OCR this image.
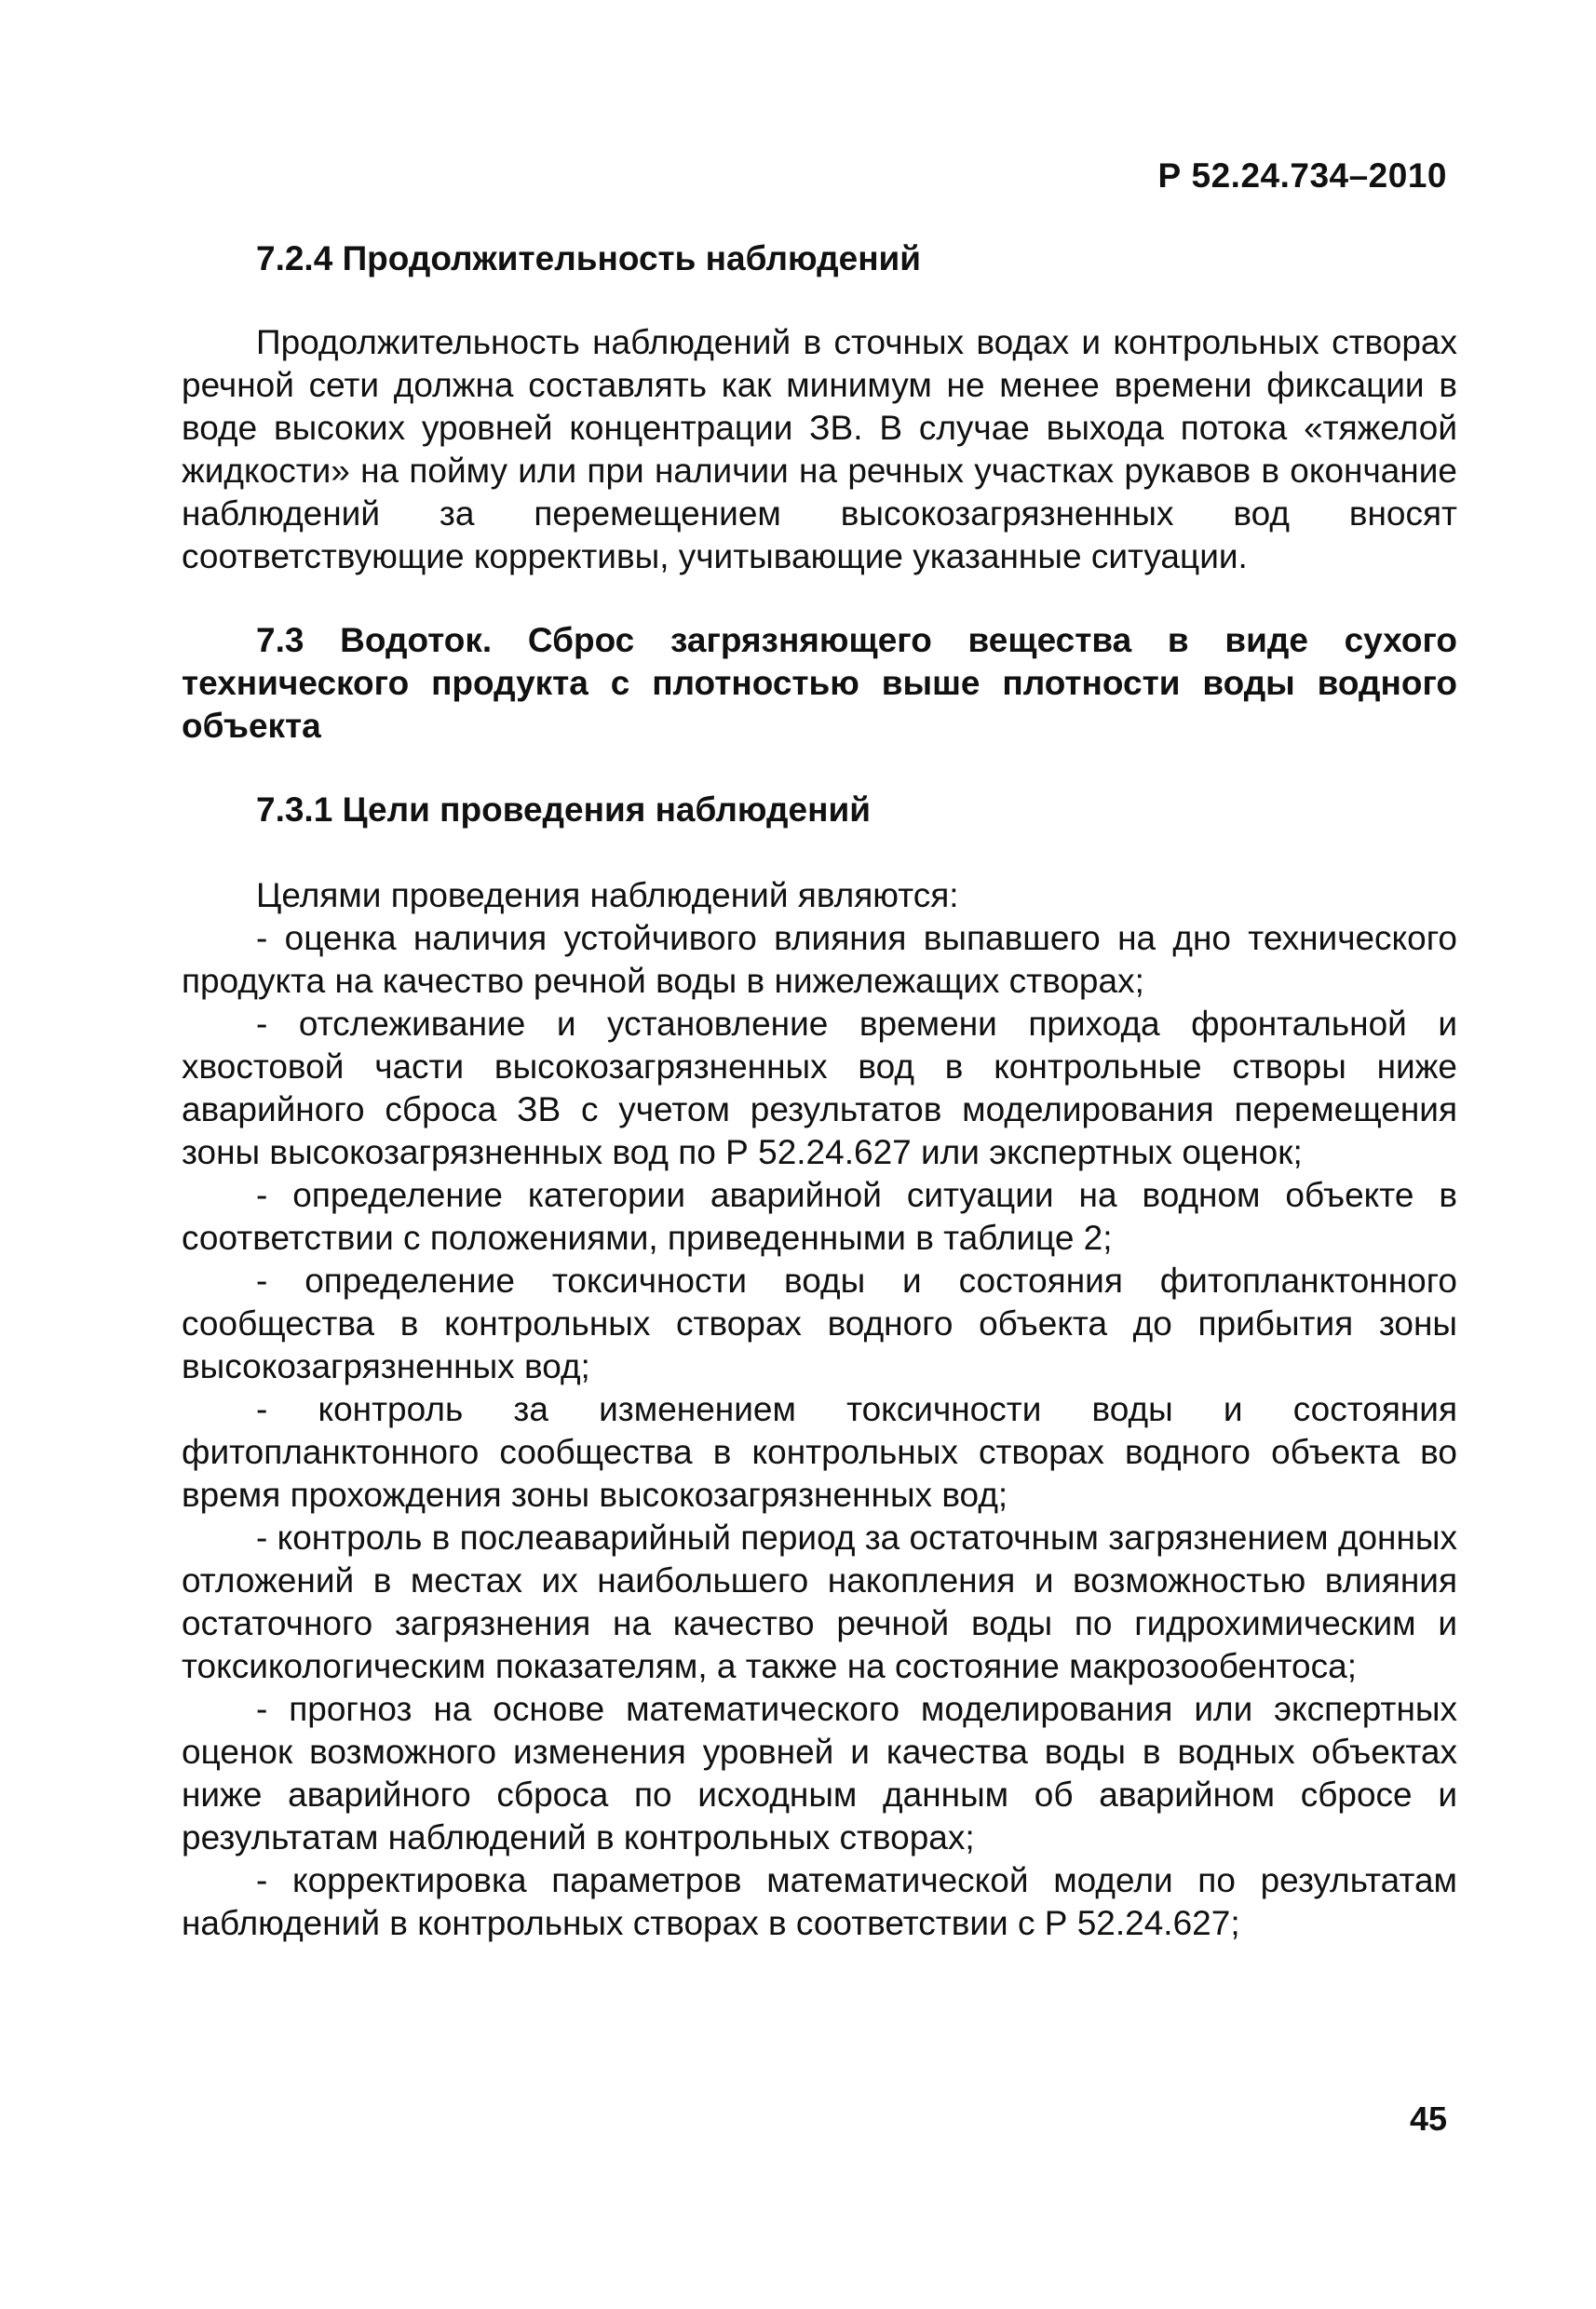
Р 52.24.734–2010
7.2.4 Продолжительность наблюдений

Продолжительность наблюдений в сточных водах и контрольных створах речной сети должна составлять как минимум не менее времени фиксации в воде высоких уровней концентрации ЗВ. В случае выхода потока «тяжелой жидкости» на пойму или при наличии на речных участках рукавов в окончание наблюдений за перемещением высокозагрязненных вод вносят соответствующие коррективы, учитывающие указанные ситуации.

7.3 Водоток. Сброс загрязняющего вещества в виде сухого технического продукта с плотностью выше плотности воды водного объекта
7.3.1 Цели проведения наблюдений

Целями проведения наблюдений являются:

- оценка наличия устойчивого влияния выпавшего на дно технического продукта на качество речной воды в нижележащих створах;

- отслеживание и установление времени прихода фронтальной и хвостовой части высокозагрязненных вод в контрольные створы ниже аварийного сброса ЗВ с учетом результатов моделирования перемещения зоны высокозагрязненных вод по Р 52.24.627 или экспертных оценок;

- определение категории аварийной ситуации на водном объекте в соответствии с положениями, приведенными в таблице 2;

- определение токсичности воды и состояния фитопланктонного сообщества в контрольных створах водного объекта до прибытия зоны высокозагрязненных вод;

- контроль за изменением токсичности воды и состояния фитопланктонного сообщества в контрольных створах водного объекта во время прохождения зоны высокозагрязненных вод;

- контроль в послеаварийный период за остаточным загрязнением донных отложений в местах их наибольшего накопления и возможностью влияния остаточного загрязнения на качество речной воды по гидрохимическим и токсикологическим показателям, а также на состояние макрозообентоса;

- прогноз на основе математического моделирования или экспертных оценок возможного изменения уровней и качества воды в водных объектах ниже аварийного сброса по исходным данным об аварийном сбросе и результатам наблюдений в контрольных створах;

- корректировка параметров математической модели по результатам наблюдений в контрольных створах в соответствии с Р 52.24.627;

45
